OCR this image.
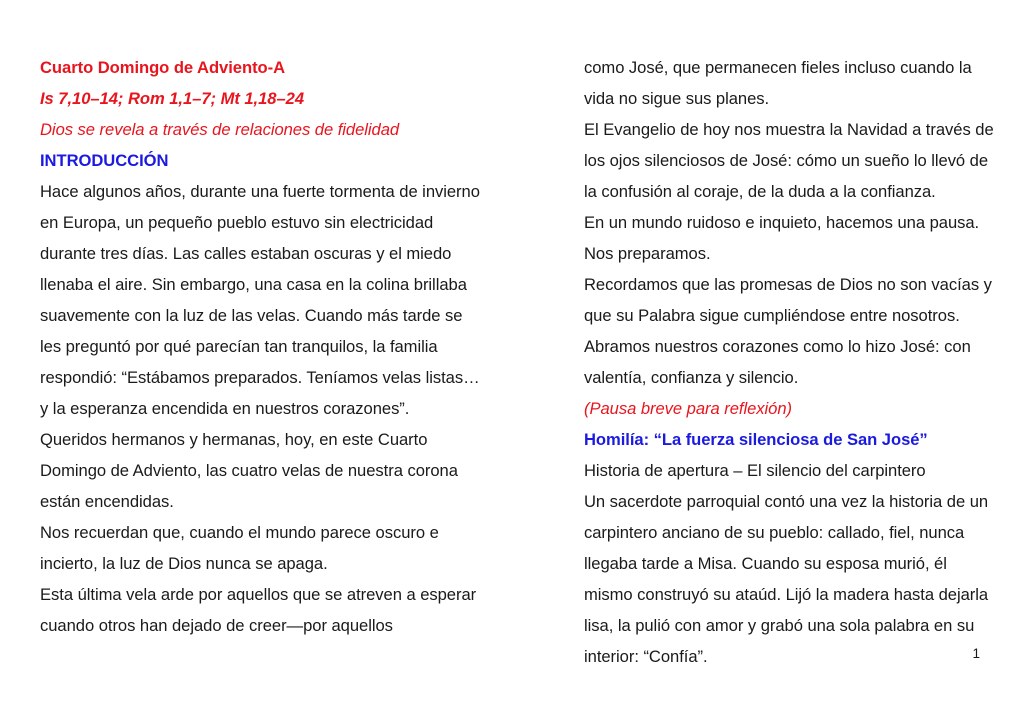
Cuarto Domingo de Adviento-A
Is 7,10–14; Rom 1,1–7; Mt 1,18–24
Dios se revela a través de relaciones de fidelidad
INTRODUCCIÓN
Hace algunos años, durante una fuerte tormenta de invierno en Europa, un pequeño pueblo estuvo sin electricidad durante tres días. Las calles estaban oscuras y el miedo llenaba el aire. Sin embargo, una casa en la colina brillaba suavemente con la luz de las velas. Cuando más tarde se les preguntó por qué parecían tan tranquilos, la familia respondió: “Estábamos preparados. Teníamos velas listas… y la esperanza encendida en nuestros corazones”.
Queridos hermanos y hermanas, hoy, en este Cuarto Domingo de Adviento, las cuatro velas de nuestra corona están encendidas.
Nos recuerdan que, cuando el mundo parece oscuro e incierto, la luz de Dios nunca se apaga.
Esta última vela arde por aquellos que se atreven a esperar cuando otros han dejado de creer—por aquellos
como José, que permanecen fieles incluso cuando la vida no sigue sus planes.
El Evangelio de hoy nos muestra la Navidad a través de los ojos silenciosos de José: cómo un sueño lo llevó de la confusión al coraje, de la duda a la confianza.
En un mundo ruidoso e inquieto, hacemos una pausa. Nos preparamos.
Recordamos que las promesas de Dios no son vacías y que su Palabra sigue cumpliéndose entre nosotros.
Abramos nuestros corazones como lo hizo José: con valentía, confianza y silencio.
(Pausa breve para reflexión)
Homilía: “La fuerza silenciosa de San José”
Historia de apertura – El silencio del carpintero
Un sacerdote parroquial contó una vez la historia de un carpintero anciano de su pueblo: callado, fiel, nunca llegaba tarde a Misa. Cuando su esposa murió, él mismo construyó su ataúd. Lijó la madera hasta dejarla lisa, la pulió con amor y grabó una sola palabra en su interior: “Confía”.	1
